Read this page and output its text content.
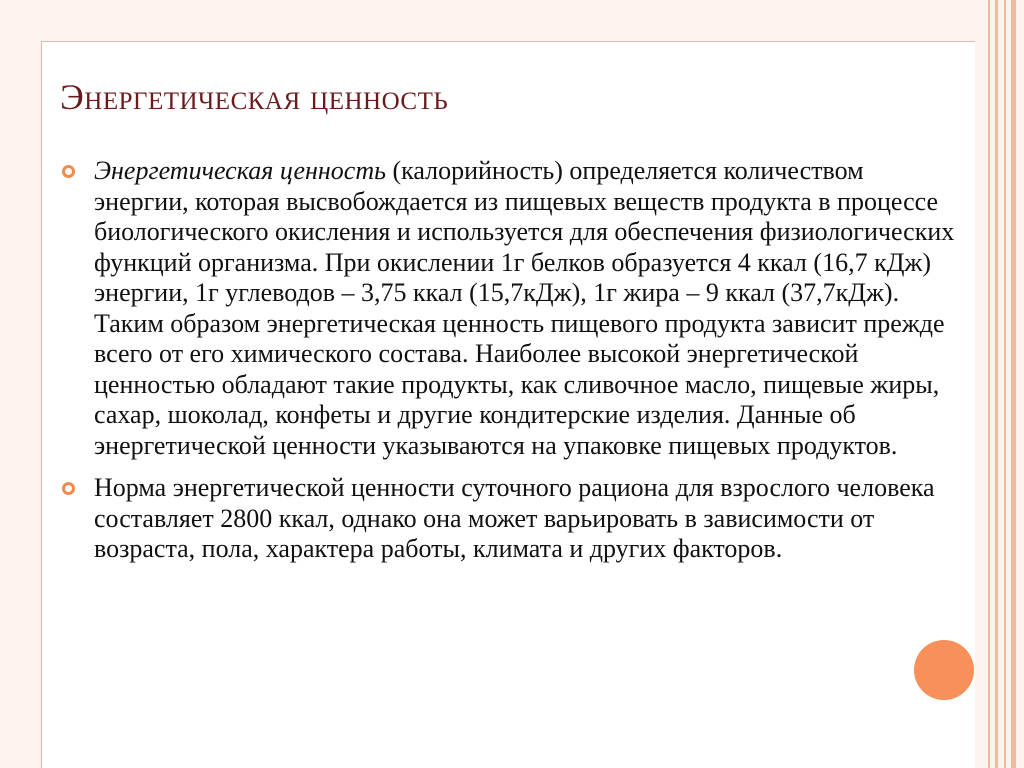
Энергетическая ценность
Энергетическая ценность (калорийность) определяется количеством энергии, которая высвобождается из пищевых веществ продукта в процессе биологического окисления и используется для обеспечения физиологических функций организма. При окислении 1г белков образуется 4 ккал (16,7 кДж) энергии, 1г углеводов – 3,75 ккал (15,7кДж), 1г жира – 9 ккал (37,7кДж). Таким образом энергетическая ценность пищевого продукта зависит прежде всего от его химического состава. Наиболее высокой энергетической ценностью обладают такие продукты, как сливочное масло, пищевые жиры, сахар, шоколад, конфеты и другие кондитерские изделия. Данные об энергетической ценности указываются на упаковке пищевых продуктов.
Норма энергетической ценности суточного рациона для взрослого человека составляет 2800 ккал, однако она может варьировать в зависимости от возраста, пола, характера работы, климата и других факторов.
